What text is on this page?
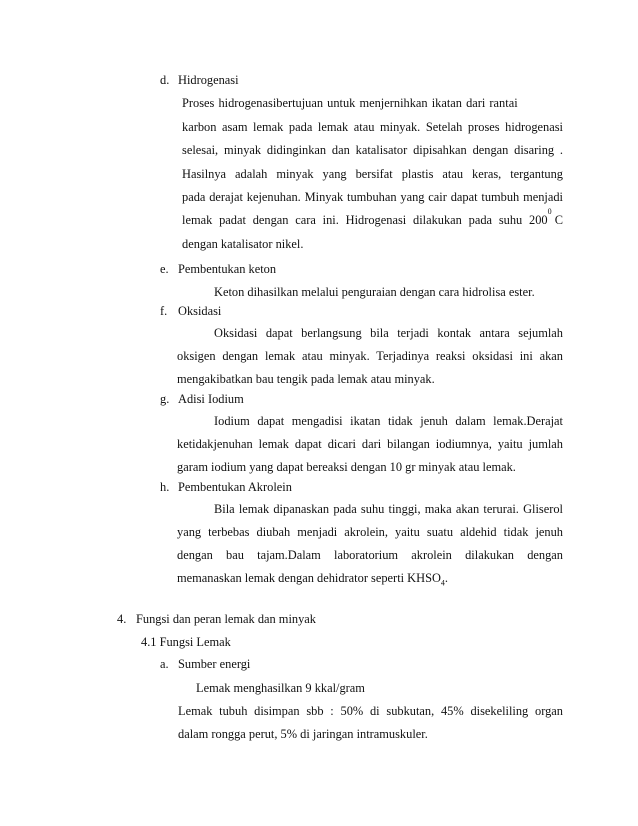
d. Hidrogenasi
Proses hidrogenasibertujuan untuk menjernihkan ikatan dari rantai
karbon asam lemak pada lemak atau minyak. Setelah proses hidrogenasi
selesai, minyak didinginkan dan katalisator dipisahkan dengan disaring .
Hasilnya adalah minyak yang bersifat plastis atau keras, tergantung
pada derajat kejenuhan. Minyak tumbuhan yang cair dapat tumbuh menjadi
lemak padat dengan cara ini. Hidrogenasi dilakukan pada suhu 200
0
C
dengan katalisator nikel.
e. Pembentukan keton
Keton dihasilkan melalui penguraian dengan cara hidrolisa ester.
f. Oksidasi
Oksidasi dapat berlangsung bila terjadi kontak antara sejumlah
oksigen dengan lemak atau minyak. Terjadinya reaksi oksidasi ini akan
mengakibatkan bau tengik pada lemak atau minyak.
g. Adisi Iodium
Iodium dapat mengadisi ikatan tidak jenuh dalam lemak.Derajat
ketidakjenuhan lemak dapat dicari dari bilangan iodiumnya, yaitu jumlah
garam iodium yang dapat bereaksi dengan 10 gr minyak atau lemak.
h. Pembentukan Akrolein
Bila lemak dipanaskan pada suhu tinggi, maka akan terurai. Gliserol
yang terbebas diubah menjadi akrolein, yaitu suatu aldehid tidak jenuh
dengan bau tajam.Dalam laboratorium akrolein dilakukan dengan
memanaskan lemak dengan dehidrator seperti $KHSO_4$.
4. Fungsi dan peran lemak dan minyak
4.1 Fungsi Lemak
a. Sumber energi
Lemak menghasilkan 9 kkal/gram
Lemak tubuh disimpan sbb : 50% di subkutan, 45% disekeliling organ
dalam rongga perut, 5% di jaringan intramuskuler.
